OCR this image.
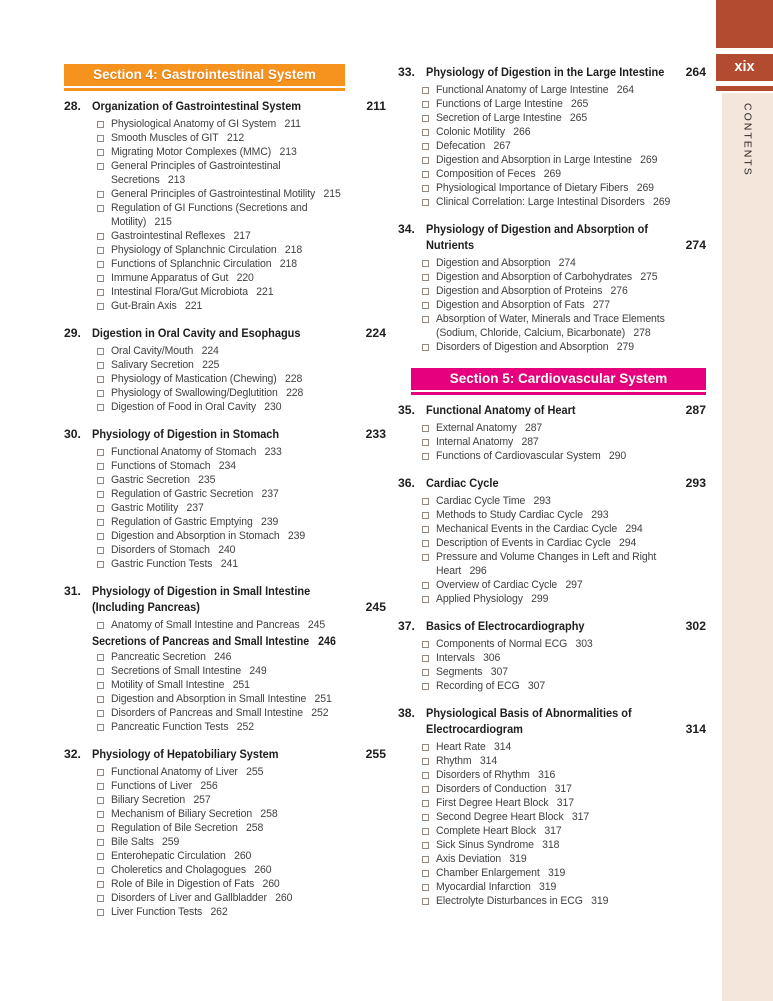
Section 4: Gastrointestinal System
28. Organization of Gastrointestinal System	211
Physiological Anatomy of GI System 211
Smooth Muscles of GIT 212
Migrating Motor Complexes (MMC) 213
General Principles of Gastrointestinal
Secretions 213
General Principles of Gastrointestinal Motility 215
Regulation of GI Functions (Secretions and
Motility) 215
Gastrointestinal Reflexes 217
Physiology of Splanchnic Circulation 218
Functions of Splanchnic Circulation 218
Immune Apparatus of Gut 220
Intestinal Flora/Gut Microbiota 221
Gut-Brain Axis 221
29. Digestion in Oral Cavity and Esophagus	224
Oral Cavity/Mouth 224
Salivary Secretion 225
Physiology of Mastication (Chewing) 228
Physiology of Swallowing/Deglutition 228
Digestion of Food in Oral Cavity 230
30. Physiology of Digestion in Stomach	233
Functional Anatomy of Stomach 233
Functions of Stomach 234
Gastric Secretion 235
Regulation of Gastric Secretion 237
Gastric Motility 237
Regulation of Gastric Emptying 239
Digestion and Absorption in Stomach 239
Disorders of Stomach 240
Gastric Function Tests 241
31. Physiology of Digestion in Small Intestine
(Including Pancreas)	245
Anatomy of Small Intestine and Pancreas 245
Secretions of Pancreas and Small Intestine 246
Pancreatic Secretion 246
Secretions of Small Intestine 249
Motility of Small Intestine 251
Digestion and Absorption in Small Intestine 251
Disorders of Pancreas and Small Intestine 252
Pancreatic Function Tests 252
32. Physiology of Hepatobiliary System	255
Functional Anatomy of Liver 255
Functions of Liver 256
Biliary Secretion 257
Mechanism of Biliary Secretion 258
Regulation of Bile Secretion 258
Bile Salts 259
Enterohepatic Circulation 260
Choleretics and Cholagogues 260
Role of Bile in Digestion of Fats 260
Disorders of Liver and Gallbladder 260
Liver Function Tests 262
33. Physiology of Digestion in the Large Intestine 264
Functional Anatomy of Large Intestine 264
Functions of Large Intestine 265
Secretion of Large Intestine 265
Colonic Motility 266
Defecation 267
Digestion and Absorption in Large Intestine 269
Composition of Feces 269
Physiological Importance of Dietary Fibers 269
Clinical Correlation: Large Intestinal Disorders 269
34. Physiology of Digestion and Absorption of
Nutrients	274
Digestion and Absorption 274
Digestion and Absorption of Carbohydrates 275
Digestion and Absorption of Proteins 276
Digestion and Absorption of Fats 277
Absorption of Water, Minerals and Trace Elements
(Sodium, Chloride, Calcium, Bicarbonate) 278
Disorders of Digestion and Absorption 279
Section 5: Cardiovascular System
35. Functional Anatomy of Heart	287
External Anatomy 287
Internal Anatomy 287
Functions of Cardiovascular System 290
36. Cardiac Cycle	293
Cardiac Cycle Time 293
Methods to Study Cardiac Cycle 293
Mechanical Events in the Cardiac Cycle 294
Description of Events in Cardiac Cycle 294
Pressure and Volume Changes in Left and Right
Heart 296
Overview of Cardiac Cycle 297
Applied Physiology 299
37. Basics of Electrocardiography	302
Components of Normal ECG 303
Intervals 306
Segments 307
Recording of ECG 307
38. Physiological Basis of Abnormalities of
Electrocardiogram	314
Heart Rate 314
Rhythm 314
Disorders of Rhythm 316
Disorders of Conduction 317
First Degree Heart Block 317
Second Degree Heart Block 317
Complete Heart Block 317
Sick Sinus Syndrome 318
Axis Deviation 319
Chamber Enlargement 319
Myocardial Infarction 319
Electrolyte Disturbances in ECG 319
xix
CONTENTS
